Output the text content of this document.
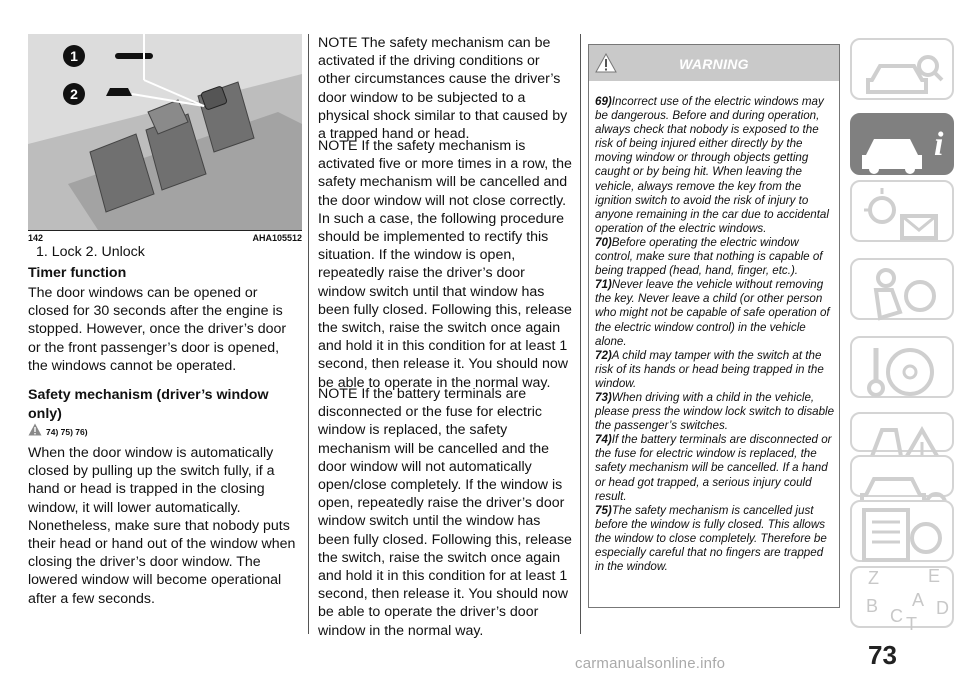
1
2
142	AHA105512

1. Lock 2. Unlock

Timer function

The door windows can be opened or closed for 30 seconds after the engine is stopped. However, once the driver’s door or the front passenger’s door is opened, the windows cannot be operated.

Safety mechanism (driver’s window only)

74) 75) 76)

When the door window is automatically closed by pulling up the switch fully, if a hand or head is trapped in the closing window, it will lower automatically. Nonetheless, make sure that nobody puts their head or hand out of the window when closing the driver’s door window. The lowered window will become operational after a few seconds.

NOTE The safety mechanism can be activated if the driving conditions or other circumstances cause the driver’s door window to be subjected to a physical shock similar to that caused by a trapped hand or head.

NOTE If the safety mechanism is activated five or more times in a row, the safety mechanism will be cancelled and the door window will not close correctly. In such a case, the following procedure should be implemented to rectify this situation. If the window is open, repeatedly raise the driver’s door window switch until that window has been fully closed. Following this, release the switch, raise the switch once again and hold it in this condition for at least 1 second, then release it. You should now be able to operate in the normal way.

NOTE If the battery terminals are disconnected or the fuse for electric window is replaced, the safety mechanism will be cancelled and the door window will not automatically open/close completely. If the window is open, repeatedly raise the driver’s door window switch until the window has been fully closed. Following this, release the switch, raise the switch once again and hold it in this condition for at least 1 second, then release it. You should now be able to operate the driver’s door window in the normal way.

WARNING
69)Incorrect use of the electric windows may be dangerous. Before and during operation, always check that nobody is exposed to the risk of being injured either directly by the moving window or through objects getting caught or by being hit. When leaving the vehicle, always remove the key from the ignition switch to avoid the risk of injury to anyone remaining in the car due to accidental operation of the electric windows.
70)Before operating the electric window control, make sure that nothing is capable of being trapped (head, hand, finger, etc.).
71)Never leave the vehicle without removing the key. Never leave a child (or other person who might not be capable of safe operation of the electric window control) in the vehicle alone.
72)A child may tamper with the switch at the risk of its hands or head being trapped in the window.
73)When driving with a child in the vehicle, please press the window lock switch to disable the passenger’s switches.
74)If the battery terminals are disconnected or the fuse for electric window is replaced, the safety mechanism will be cancelled. If a hand or head got trapped, a serious injury could result.
75)The safety mechanism is cancelled just before the window is fully closed. This allows the window to close completely. Therefore be especially careful that no fingers are trapped in the window.
i
Z	E
A
B C T
D
73
carmanualsonline.info
